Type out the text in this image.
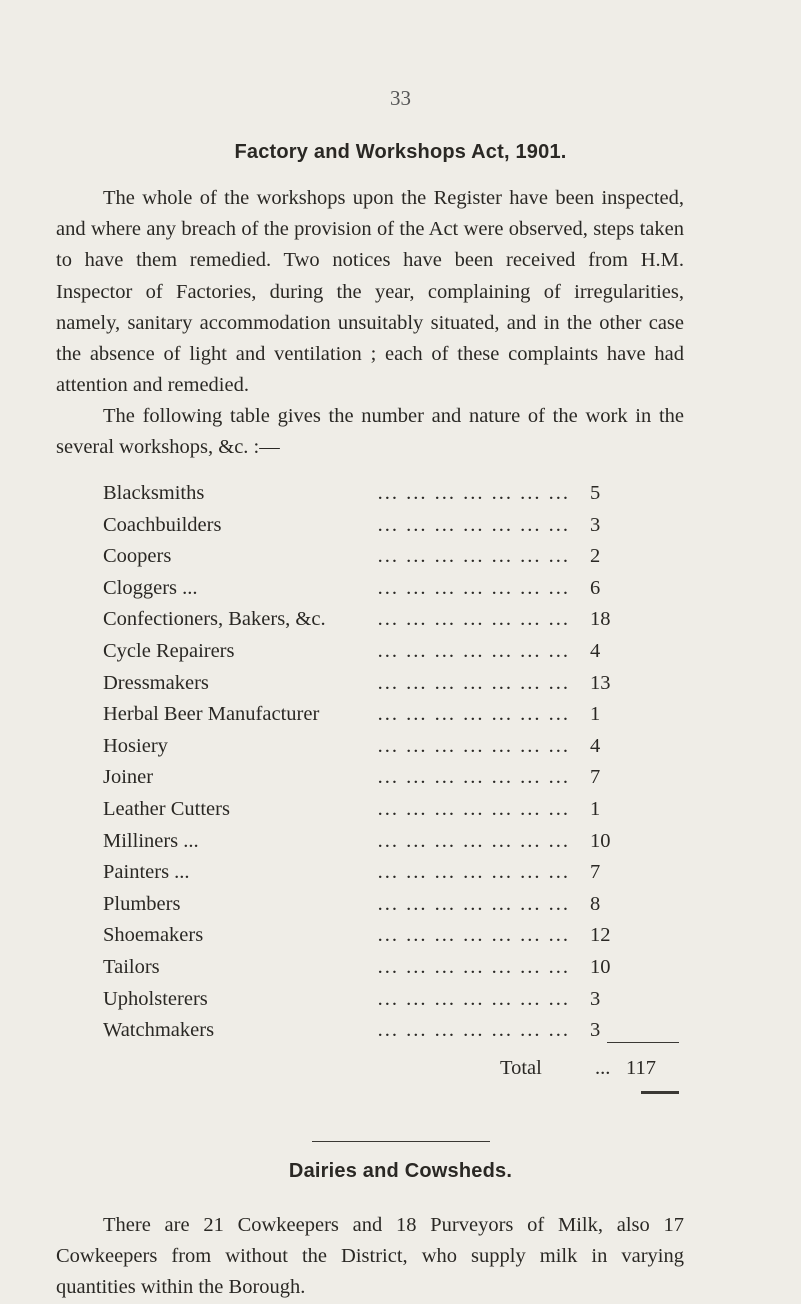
33
Factory and Workshops Act, 1901.

The whole of the workshops upon the Register have been inspected, and where any breach of the provision of the Act were observed, steps taken to have them remedied. Two notices have been received from H.M. Inspector of Factories, during the year, complaining of irregularities, namely, sanitary accommodation unsuitably situated, and in the other case the absence of light and ventilation ; each of these complaints have had attention and remedied.

The following table gives the number and nature of the work in the several workshops, &c. :—

... ... ... ... ... ... ...
Blacksmiths	5
... ... ... ... ... ... ...
Coachbuilders	3
... ... ... ... ... ... ...
Coopers	2
... ... ... ... ... ... ...
Cloggers ...	6
... ... ... ... ... ... ...
Confectioners, Bakers, &c.	18
... ... ... ... ... ... ...
Cycle Repairers	4
... ... ... ... ... ... ...
Dressmakers	13
... ... ... ... ... ... ...
Herbal Beer Manufacturer	1
... ... ... ... ... ... ...
Hosiery	4
... ... ... ... ... ... ...
Joiner	7
... ... ... ... ... ... ...
Leather Cutters	1
... ... ... ... ... ... ...
Milliners ...	10
... ... ... ... ... ... ...
Painters ...	7
... ... ... ... ... ... ...
Plumbers	8
... ... ... ... ... ... ...
Shoemakers	12
... ... ... ... ... ... ...
Tailors	10
... ... ... ... ... ... ...
Upholsterers	3
... ... ... ... ... ... ...
Watchmakers	3
Total	... 117
Dairies and Cowsheds.

There are 21 Cowkeepers and 18 Purveyors of Milk, also 17 Cowkeepers from without the District, who supply milk in varying quantities within the Borough.
